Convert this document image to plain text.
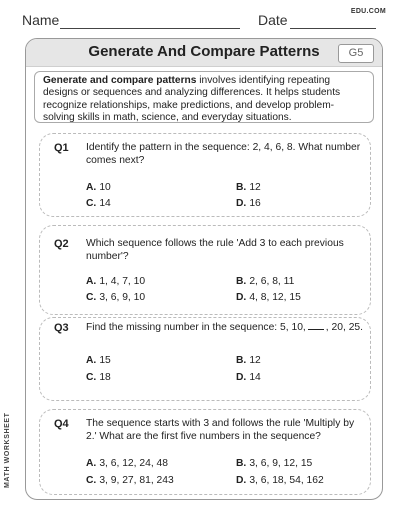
Name	Date
EDU.COM
Generate And Compare Patterns	G5
Generate and compare patterns involves identifying repeating designs or sequences and analyzing differences. It helps students recognize relationships, make predictions, and develop problem-solving skills in math, science, and everyday situations.
Q1 Identify the pattern in the sequence: 2, 4, 6, 8. What number comes next?
A. 10	B. 12
C. 14	D. 16
Q2 Which sequence follows the rule 'Add 3 to each previous number'?
A. 1, 4, 7, 10	B. 2, 6, 8, 11
C. 3, 6, 9, 10	D. 4, 8, 12, 15
Q3 Find the missing number in the sequence: 5, 10, , 20, 25.
A. 15	B. 12
C. 18	D. 14
Q4 The sequence starts with 3 and follows the rule 'Multiply by 2.' What are the first five numbers in the sequence?
A. 3, 6, 12, 24, 48	B. 3, 6, 9, 12, 15
C. 3, 9, 27, 81, 243	D. 3, 6, 18, 54, 162
MATH WORKSHEET
